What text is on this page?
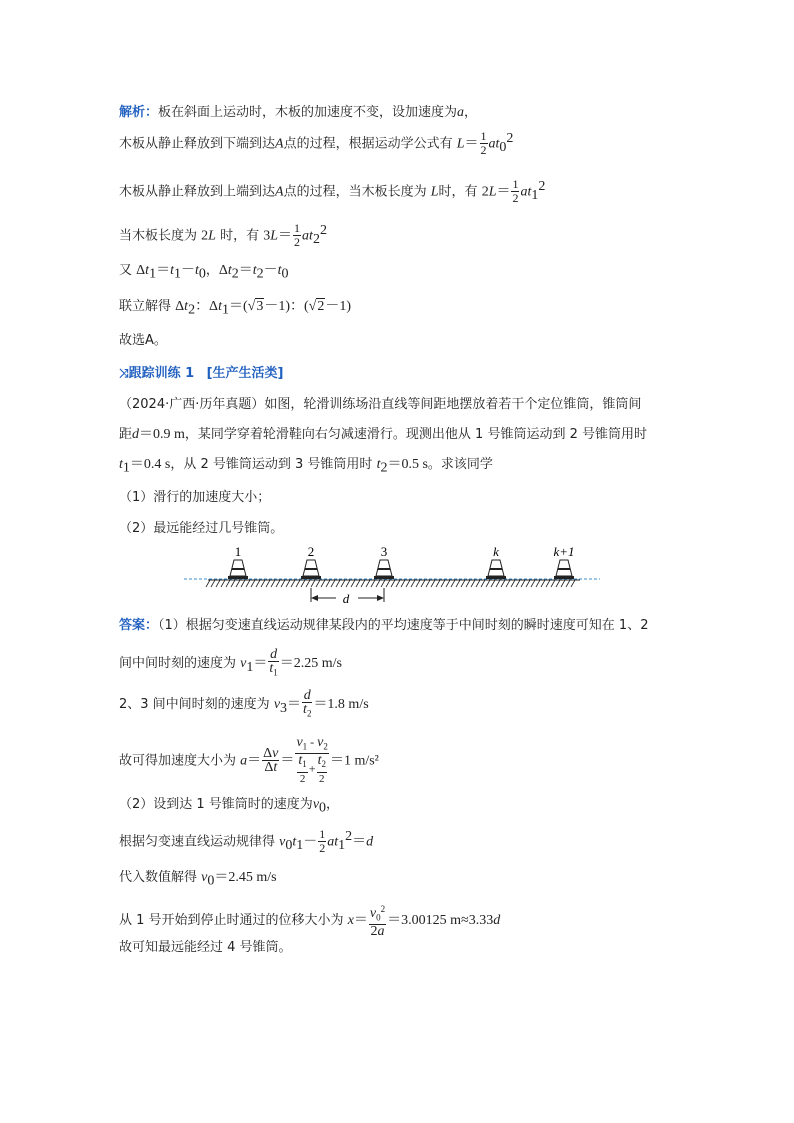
解析：板在斜面上运动时，木板的加速度不变，设加速度为a，
木板从静止释放到下端到达A点的过程，根据运动学公式有 $L= \frac{1}{2} at_0^2$
木板从静止释放到上端到达A点的过程，当木板长度为 L时，有 $2L= \frac{1}{2} at_1^2$
当木板长度为 2L 时，有 $3L= \frac{1}{2} at_2^2$
又 $\Delta t_1=t_1-t_0$，$\Delta t_2=t_2-t_0$
联立解得 $\Delta t_2$：$\Delta t_1=(√3-1)$：(√2－1)
故选A。
⤨跟踪训练 1 [生产生活类]
（2024·广西·历年真题）如图，轮滑训练场沿直线等间距地摆放着若干个定位锥筒，锥筒间
距d＝0.9 m，某同学穿着轮滑鞋向右匀减速滑行。现测出他从 1 号锥筒运动到 2 号锥筒用时
$t_1=0.4$ s，从 2 号锥筒运动到 3 号锥筒用时 $t_2=0.5$ s。求该同学
（1）滑行的加速度大小；
（2）最远能经过几号锥筒。
d
1	2	3	k	k+1
答案：（1）根据匀变速直线运动规律某段内的平均速度等于中间时刻的瞬时速度可知在 1、2
间中间时刻的速度为 $v_1= \frac{d}{t_1} =2.25$ m/s
2、3 间中间时刻的速度为 $v_3= \frac{d}{t_2} =1.8$ m/s
故可得加速度大小为 $a= \frac{\Delta v}{\Delta t} = \frac{v_1 - v_2}{\frac{t_1}{2} + \frac{t_2}{2}} =1$ m/s²
（2）设到达 1 号锥筒时的速度为$v_0$，
根据匀变速直线运动规律得 $v_0t_1- \frac{1}{2} at_1^2=d$
代入数值解得 $v_0=2.45$ m/s
从 1 号开始到停止时通过的位移大小为 $x= \frac{v_0^2}{2a} =3.00125$ m≈3.33d
故可知最远能经过 4 号锥筒。
